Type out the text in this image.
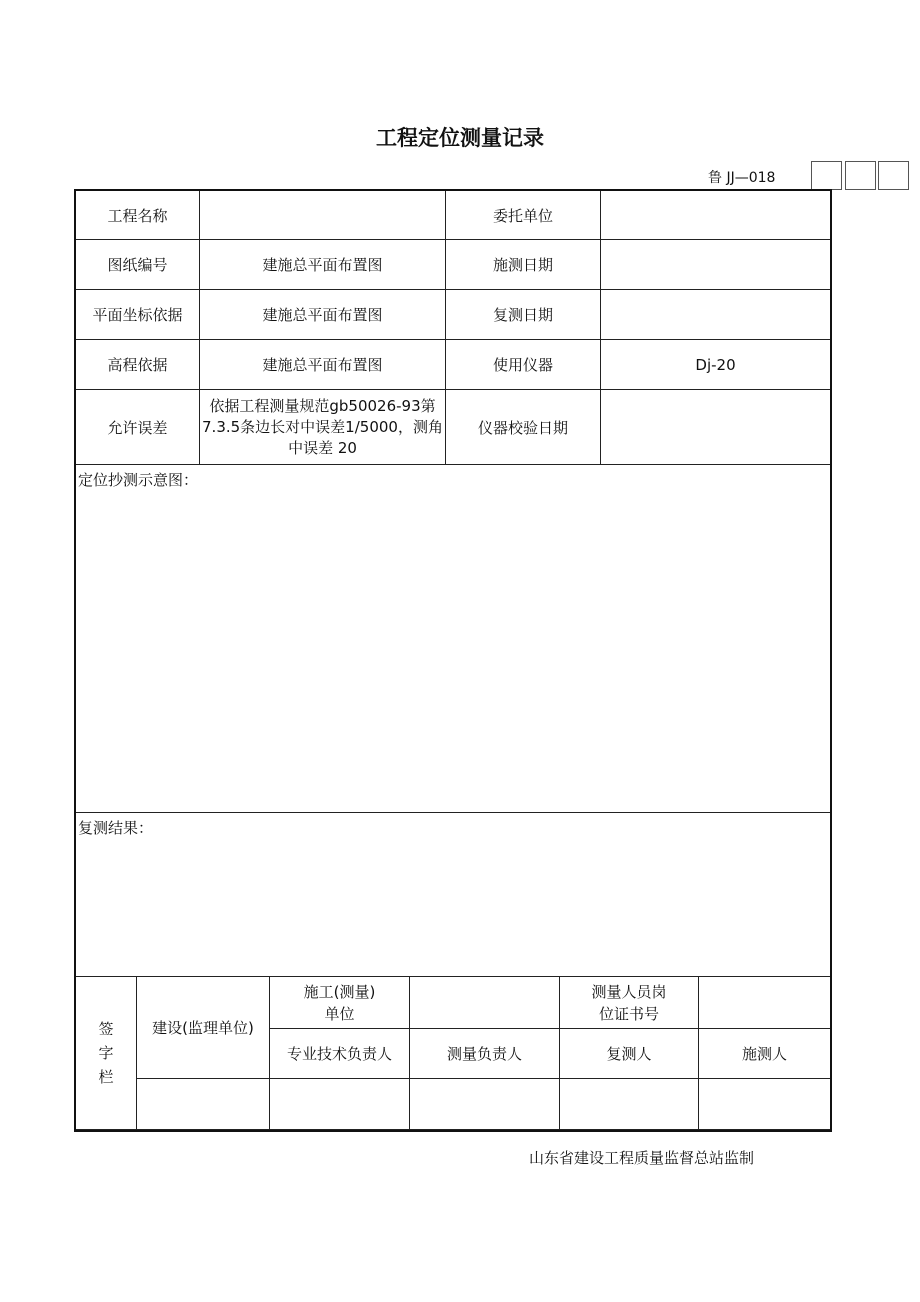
工程定位测量记录
鲁 JJ—018
工程名称		委托单位	
图纸编号	建施总平面布置图	施测日期	
平面坐标依据	建施总平面布置图	复测日期	
高程依据	建施总平面布置图	使用仪器	Dj-20
允许误差	依据工程测量规范gb50026-93第7.3.5条边长对中误差1/5000，测角中误差 20	仪器校验日期	
定位抄测示意图：			
复测结果：			
签字栏	建设(监理单位)	施工(测量)单位		测量人员岗位证书号	
		专业技术负责人	测量负责人	复测人	施测人

山东省建设工程质量监督总站监制
